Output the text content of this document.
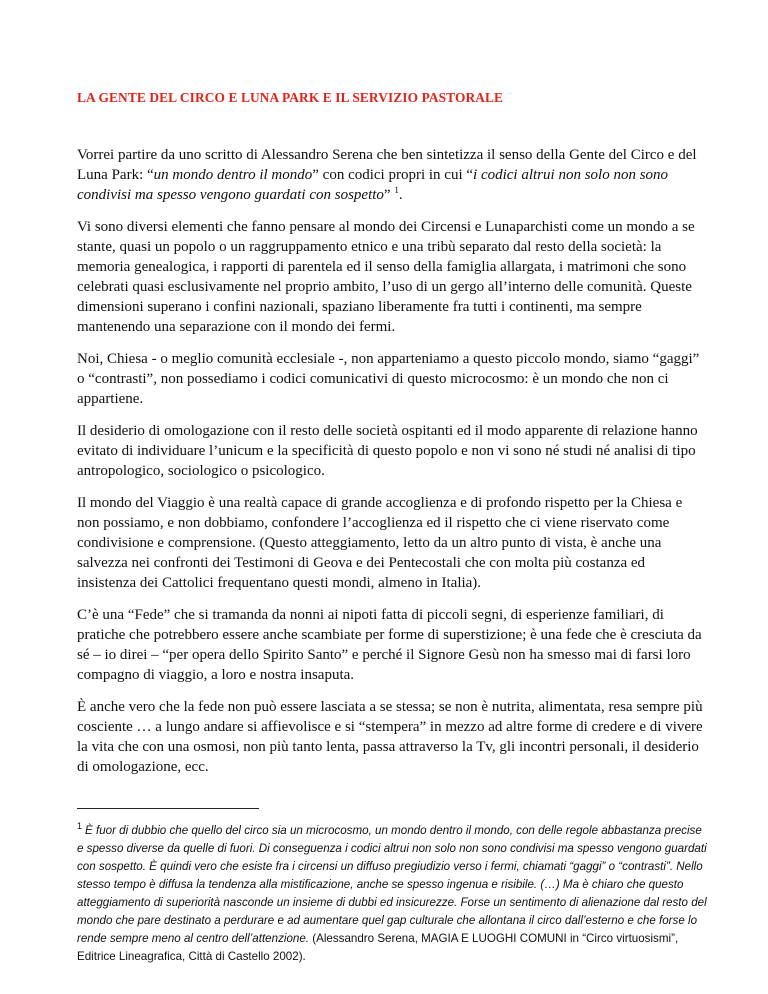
LA GENTE DEL CIRCO E LUNA PARK E IL SERVIZIO PASTORALE

Vorrei partire da uno scritto di Alessandro Serena che ben sintetizza il senso della Gente del Circo e del Luna Park: “un mondo dentro il mondo” con codici propri in cui “i codici altrui non solo non sono condivisi ma spesso vengono guardati con sospetto” $^1$.

Vi sono diversi elementi che fanno pensare al mondo dei Circensi e Lunaparchisti come un mondo a se stante, quasi un popolo o un raggruppamento etnico e una tribù separato dal resto della società: la memoria genealogica, i rapporti di parentela ed il senso della famiglia allargata, i matrimoni che sono celebrati quasi esclusivamente nel proprio ambito, l’uso di un gergo all’interno delle comunità. Queste dimensioni superano i confini nazionali, spaziano liberamente fra tutti i continenti, ma sempre mantenendo una separazione con il mondo dei fermi.

Noi, Chiesa - o meglio comunità ecclesiale -, non apparteniamo a questo piccolo mondo, siamo “gaggi” o “contrasti”, non possediamo i codici comunicativi di questo microcosmo: è un mondo che non ci appartiene.

Il desiderio di omologazione con il resto delle società ospitanti ed il modo apparente di relazione hanno evitato di individuare l’unicum e la specificità di questo popolo e non vi sono né studi né analisi di tipo antropologico, sociologico o psicologico.

Il mondo del Viaggio è una realtà capace di grande accoglienza e di profondo rispetto per la Chiesa e non possiamo, e non dobbiamo, confondere l’accoglienza ed il rispetto che ci viene riservato come condivisione e comprensione. (Questo atteggiamento, letto da un altro punto di vista, è anche una salvezza nei confronti dei Testimoni di Geova e dei Pentecostali che con molta più costanza ed insistenza dei Cattolici frequentano questi mondi, almeno in Italia).

C’è una “Fede” che si tramanda da nonni ai nipoti fatta di piccoli segni, di esperienze familiari, di pratiche che potrebbero essere anche scambiate per forme di superstizione; è una fede che è cresciuta da sé – io direi – “per opera dello Spirito Santo” e perché il Signore Gesù non ha smesso mai di farsi loro compagno di viaggio, a loro e nostra insaputa.

È anche vero che la fede non può essere lasciata a se stessa; se non è nutrita, alimentata, resa sempre più cosciente … a lungo andare si affievolisce e si “stempera” in mezzo ad altre forme di credere e di vivere la vita che con una osmosi, non più tanto lenta, passa attraverso la Tv, gli incontri personali, il desiderio di omologazione, ecc.

$^1$ È fuor di dubbio che quello del circo sia un microcosmo, un mondo dentro il mondo, con delle regole abbastanza precise e spesso diverse da quelle di fuori. Di conseguenza i codici altrui non solo non sono condivisi ma spesso vengono guardati con sospetto. È quindi vero che esiste fra i circensi un diffuso pregiudizio verso i fermi, chiamati “gaggi” o “contrasti”. Nello stesso tempo è diffusa la tendenza alla mistificazione, anche se spesso ingenua e risibile. (…) Ma è chiaro che questo atteggiamento di superiorità nasconde un insieme di dubbi ed insicurezze. Forse un sentimento di alienazione dal resto del mondo che pare destinato a perdurare e ad aumentare quel gap culturale che allontana il circo dall’esterno e che forse lo rende sempre meno al centro dell’attenzione. (Alessandro Serena, MAGIA E LUOGHI COMUNI in “Circo virtuosismi”, Editrice Lineagrafica, Città di Castello 2002).
